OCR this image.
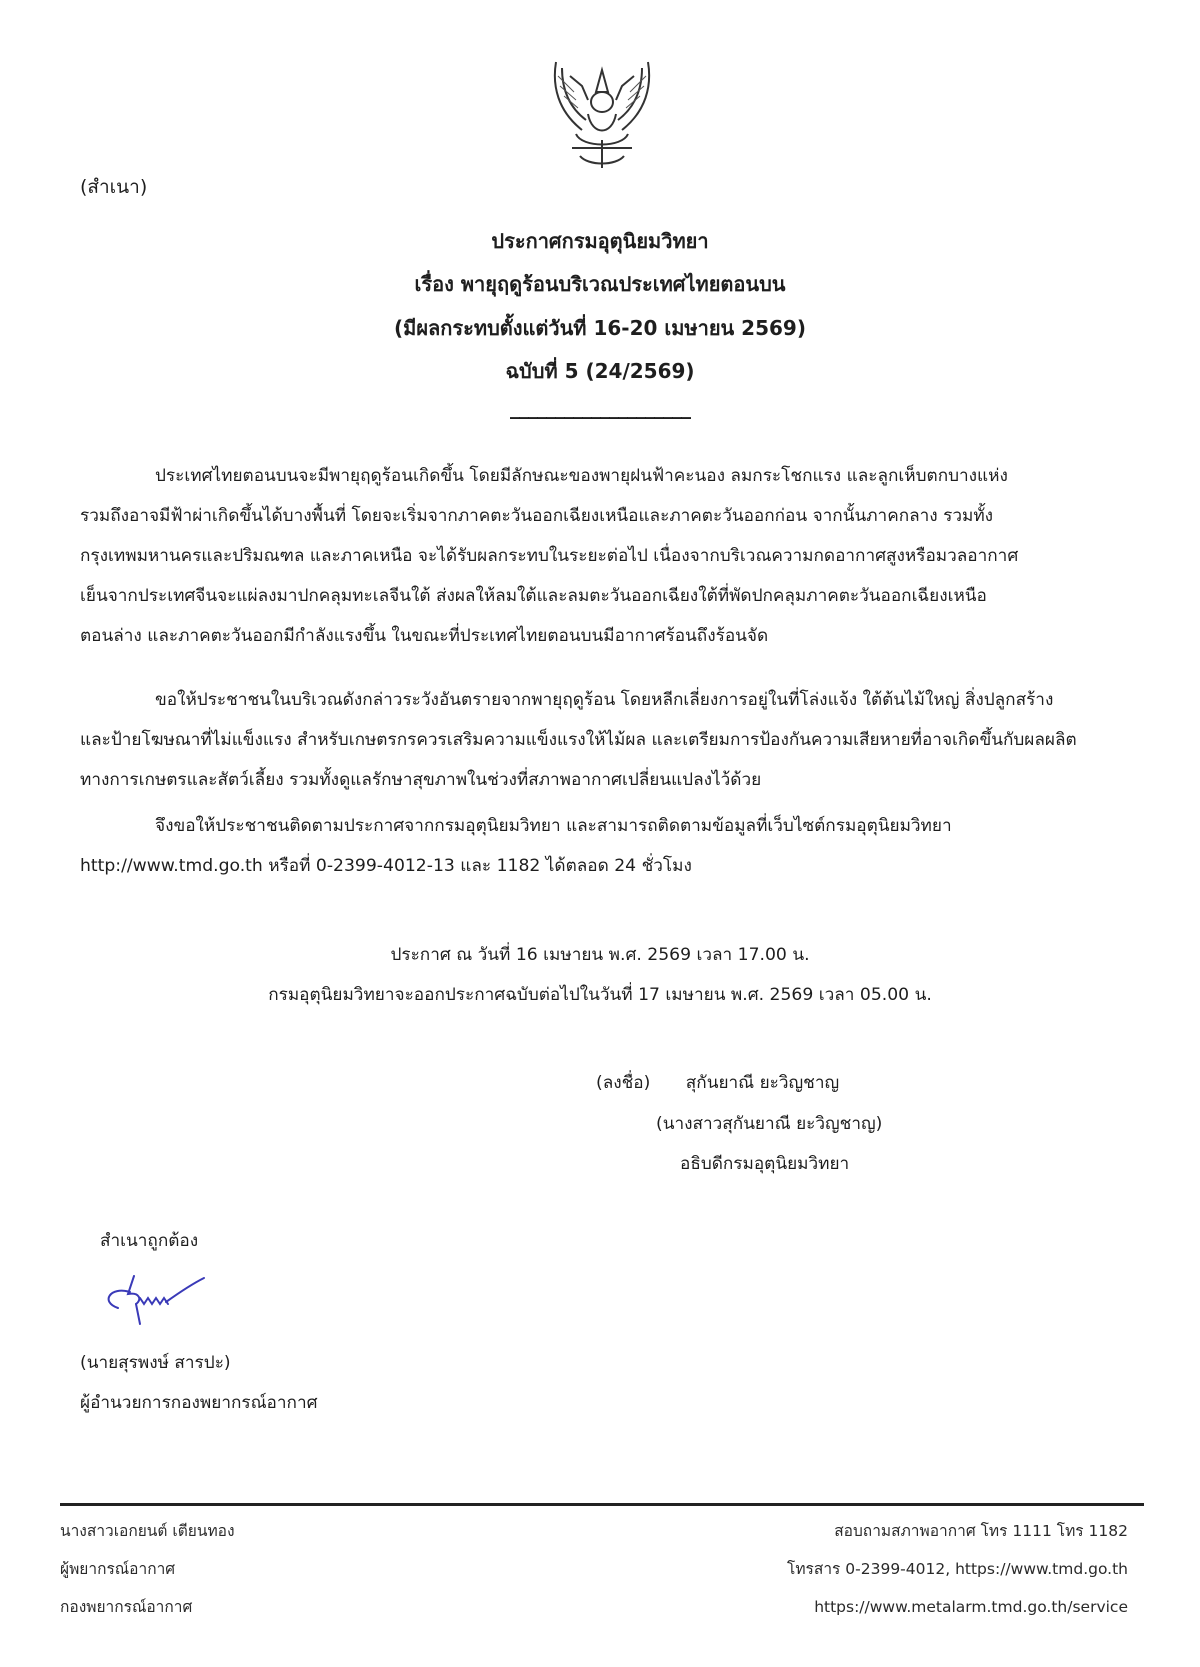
(สำเนา)
ประกาศกรมอุตุนิยมวิทยา
เรื่อง พายุฤดูร้อนบริเวณประเทศไทยตอนบน
(มีผลกระทบตั้งแต่วันที่ 16-20 เมษายน 2569)
ฉบับที่ 5 (24/2569)
____________________
ประเทศไทยตอนบนจะมีพายุฤดูร้อนเกิดขึ้น โดยมีลักษณะของพายุฝนฟ้าคะนอง ลมกระโชกแรง และลูกเห็บตกบางแห่ง
รวมถึงอาจมีฟ้าผ่าเกิดขึ้นได้บางพื้นที่ โดยจะเริ่มจากภาคตะวันออกเฉียงเหนือและภาคตะวันออกก่อน จากนั้นภาคกลาง รวมทั้ง
กรุงเทพมหานครและปริมณฑล และภาคเหนือ จะได้รับผลกระทบในระยะต่อไป เนื่องจากบริเวณความกดอากาศสูงหรือมวลอากาศ
เย็นจากประเทศจีนจะแผ่ลงมาปกคลุมทะเลจีนใต้ ส่งผลให้ลมใต้และลมตะวันออกเฉียงใต้ที่พัดปกคลุมภาคตะวันออกเฉียงเหนือ
ตอนล่าง และภาคตะวันออกมีกำลังแรงขึ้น ในขณะที่ประเทศไทยตอนบนมีอากาศร้อนถึงร้อนจัด
ขอให้ประชาชนในบริเวณดังกล่าวระวังอันตรายจากพายุฤดูร้อน โดยหลีกเลี่ยงการอยู่ในที่โล่งแจ้ง ใต้ต้นไม้ใหญ่ สิ่งปลูกสร้าง
และป้ายโฆษณาที่ไม่แข็งแรง สำหรับเกษตรกรควรเสริมความแข็งแรงให้ไม้ผล และเตรียมการป้องกันความเสียหายที่อาจเกิดขึ้นกับผลผลิต
ทางการเกษตรและสัตว์เลี้ยง รวมทั้งดูแลรักษาสุขภาพในช่วงที่สภาพอากาศเปลี่ยนแปลงไว้ด้วย
จึงขอให้ประชาชนติดตามประกาศจากกรมอุตุนิยมวิทยา และสามารถติดตามข้อมูลที่เว็บไซต์กรมอุตุนิยมวิทยา
http://www.tmd.go.th หรือที่ 0-2399-4012-13 และ 1182 ได้ตลอด 24 ชั่วโมง
ประกาศ ณ วันที่ 16 เมษายน พ.ศ. 2569 เวลา 17.00 น.
กรมอุตุนิยมวิทยาจะออกประกาศฉบับต่อไปในวันที่ 17 เมษายน พ.ศ. 2569 เวลา 05.00 น.
(ลงชื่อ) สุกันยาณี ยะวิญชาญ
(นางสาวสุกันยาณี ยะวิญชาญ)
อธิบดีกรมอุตุนิยมวิทยา
สำเนาถูกต้อง
(นายสุรพงษ์ สารปะ)
ผู้อำนวยการกองพยากรณ์อากาศ
นางสาวเอกยนต์ เตียนทอง
ผู้พยากรณ์อากาศ
กองพยากรณ์อากาศ
สอบถามสภาพอากาศ โทร 1111 โทร 1182
โทรสาร 0-2399-4012, https://www.tmd.go.th
https://www.metalarm.tmd.go.th/service
